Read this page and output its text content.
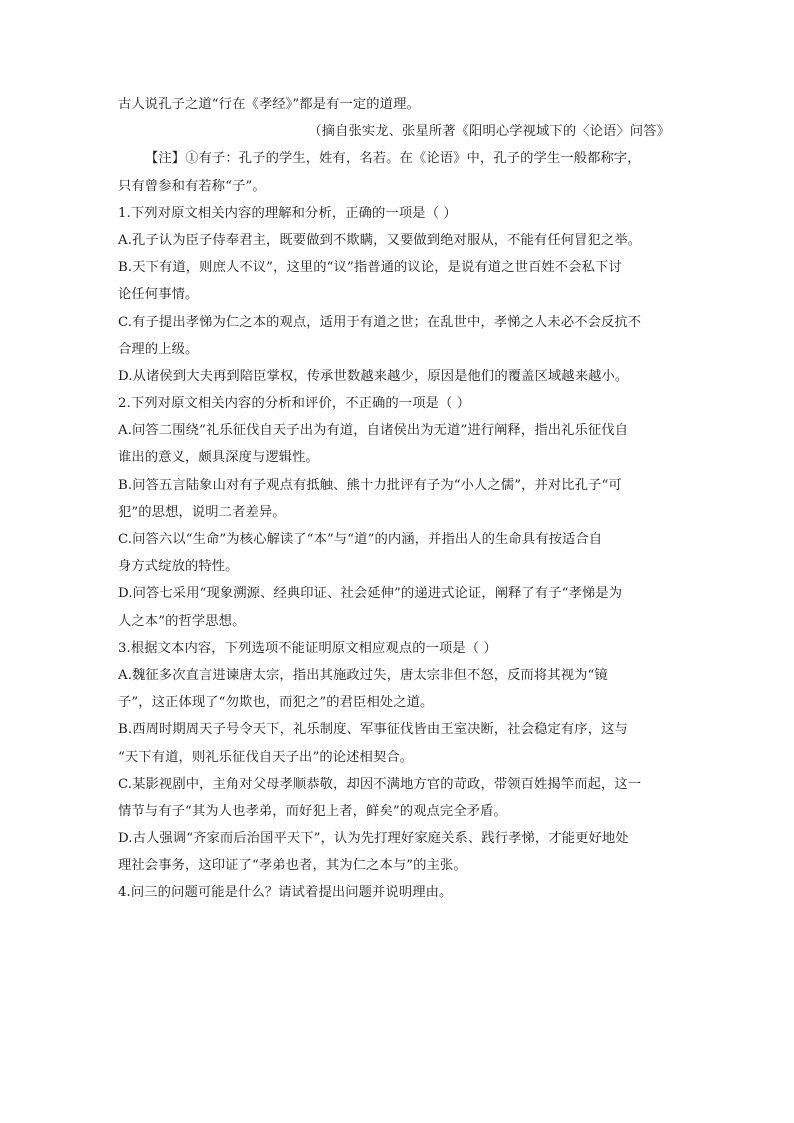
古人说孔子之道“行在《孝经》”都是有一定的道理。
（摘自张实龙、张星所著《阳明心学视域下的〈论语〉问答》
【注】①有子：孔子的学生，姓有，名若。在《论语》中，孔子的学生一般都称字，
只有曾参和有若称“子”。
1.下列对原文相关内容的理解和分析，正确的一项是（ ）
A.孔子认为臣子侍奉君主，既要做到不欺瞒，又要做到绝对服从，不能有任何冒犯之举。
B.天下有道，则庶人不议”，这里的“议”指普通的议论，是说有道之世百姓不会私下讨
论任何事情。
C.有子提出孝悌为仁之本的观点，适用于有道之世；在乱世中，孝悌之人未必不会反抗不
合理的上级。
D.从诸侯到大夫再到陪臣掌权，传承世数越来越少，原因是他们的覆盖区域越来越小。
2.下列对原文相关内容的分析和评价，不正确的一项是（ ）
A.问答二围绕“礼乐征伐自天子出为有道，自诸侯出为无道”进行阐释，指出礼乐征伐自
谁出的意义，颇具深度与逻辑性。
B.问答五言陆象山对有子观点有抵触、熊十力批评有子为“小人之儒”，并对比孔子“可
犯”的思想，说明二者差异。
C.问答六以“生命”为核心解读了“本”与“道”的内涵，并指出人的生命具有按适合自
身方式绽放的特性。
D.问答七采用“现象溯源、经典印证、社会延伸”的递进式论证，阐释了有子“孝悌是为
人之本”的哲学思想。
3.根据文本内容，下列选项不能证明原文相应观点的一项是（ ）
A.魏征多次直言进谏唐太宗，指出其施政过失，唐太宗非但不怒，反而将其视为“镜
子”，这正体现了“勿欺也，而犯之”的君臣相处之道。
B.西周时期周天子号令天下，礼乐制度、军事征伐皆由王室决断，社会稳定有序，这与
“天下有道，则礼乐征伐自天子出”的论述相契合。
C.某影视剧中，主角对父母孝顺恭敬，却因不满地方官的苛政，带领百姓揭竿而起，这一
情节与有子“其为人也孝弟，而好犯上者，鲜矣”的观点完全矛盾。
D.古人强调“齐家而后治国平天下”，认为先打理好家庭关系、践行孝悌，才能更好地处
理社会事务，这印证了“孝弟也者，其为仁之本与”的主张。
4.问三的问题可能是什么？请试着提出问题并说明理由。
